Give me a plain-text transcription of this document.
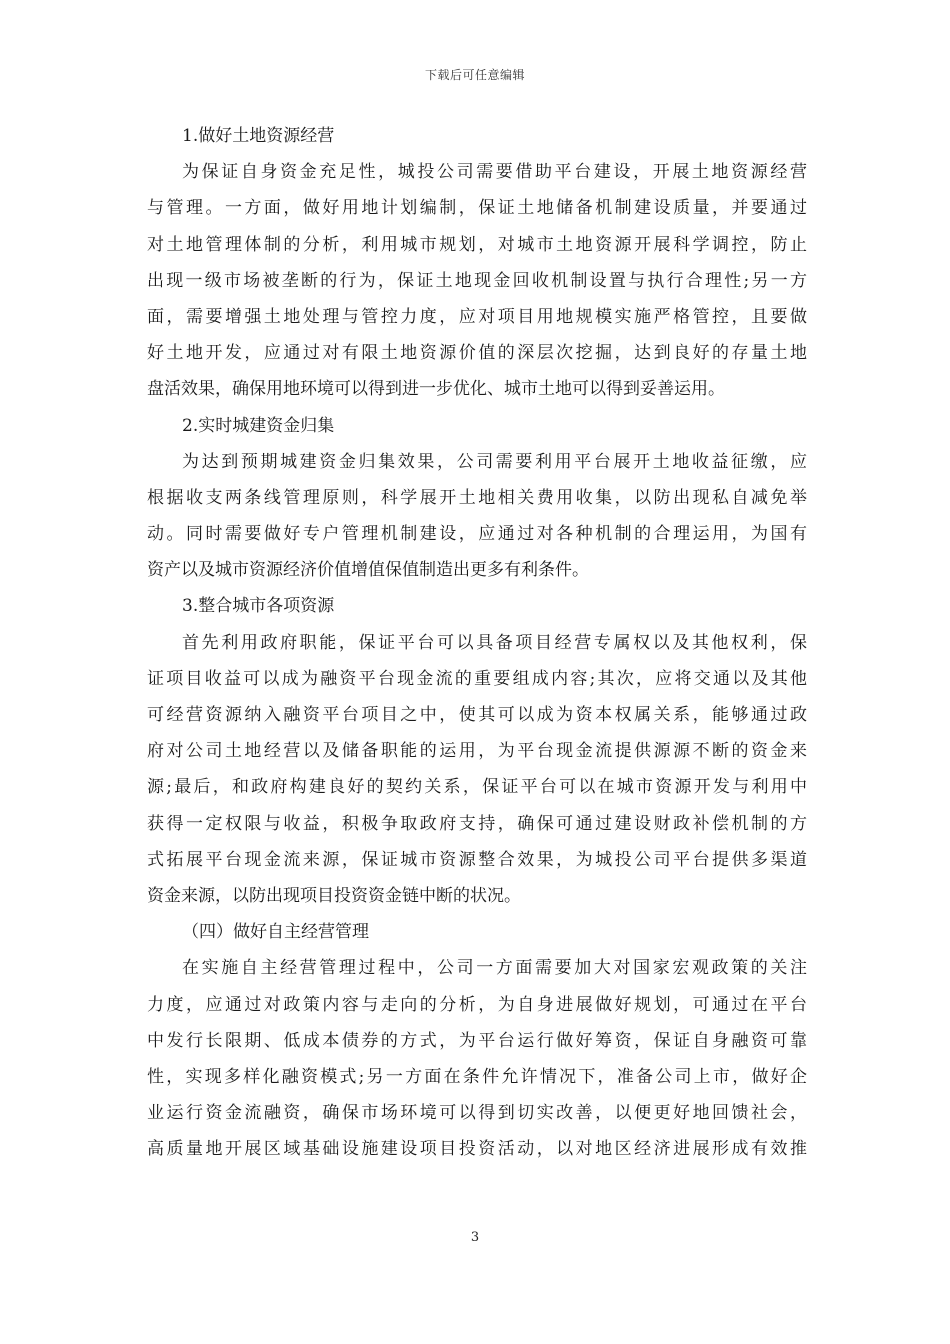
下载后可任意编辑
1.做好土地资源经营
为保证自身资金充足性，城投公司需要借助平台建设，开展土地资源经营
与管理。一方面，做好用地计划编制，保证土地储备机制建设质量，并要通过
对土地管理体制的分析，利用城市规划，对城市土地资源开展科学调控，防止
出现一级市场被垄断的行为，保证土地现金回收机制设置与执行合理性;另一方
面，需要增强土地处理与管控力度，应对项目用地规模实施严格管控，且要做
好土地开发，应通过对有限土地资源价值的深层次挖掘，达到良好的存量土地
盘活效果，确保用地环境可以得到进一步优化、城市土地可以得到妥善运用。
2.实时城建资金归集
为达到预期城建资金归集效果，公司需要利用平台展开土地收益征缴，应
根据收支两条线管理原则，科学展开土地相关费用收集，以防出现私自减免举
动。同时需要做好专户管理机制建设，应通过对各种机制的合理运用，为国有
资产以及城市资源经济价值增值保值制造出更多有利条件。
3.整合城市各项资源
首先利用政府职能，保证平台可以具备项目经营专属权以及其他权利，保
证项目收益可以成为融资平台现金流的重要组成内容;其次，应将交通以及其他
可经营资源纳入融资平台项目之中，使其可以成为资本权属关系，能够通过政
府对公司土地经营以及储备职能的运用，为平台现金流提供源源不断的资金来
源;最后，和政府构建良好的契约关系，保证平台可以在城市资源开发与利用中
获得一定权限与收益，积极争取政府支持，确保可通过建设财政补偿机制的方
式拓展平台现金流来源，保证城市资源整合效果，为城投公司平台提供多渠道
资金来源，以防出现项目投资资金链中断的状况。
（四）做好自主经营管理
在实施自主经营管理过程中，公司一方面需要加大对国家宏观政策的关注
力度，应通过对政策内容与走向的分析，为自身进展做好规划，可通过在平台
中发行长限期、低成本债券的方式，为平台运行做好筹资，保证自身融资可靠
性，实现多样化融资模式;另一方面在条件允许情况下，准备公司上市，做好企
业运行资金流融资，确保市场环境可以得到切实改善，以便更好地回馈社会，
高质量地开展区域基础设施建设项目投资活动，以对地区经济进展形成有效推
3
